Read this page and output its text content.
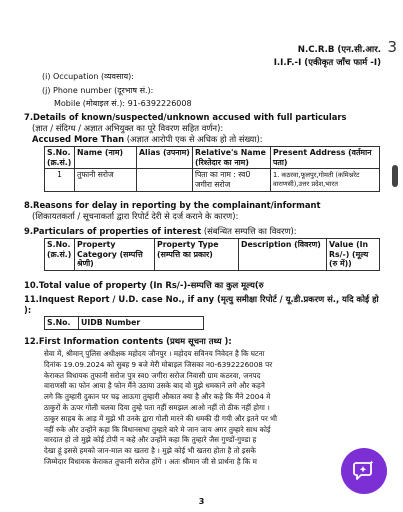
N.C.R.B (एन.सी.आर.
I.I.F.-I (एकीकृत जाँच फार्म -I)
3
(i) Occupation (व्यवसाय):
(j) Phone number (दूरभाष सं.):
Mobile (मोबाइल सं.): 91-6392226008
7.Details of known/suspected/unknown accused with full particulars
(ज्ञात / संदिग्ध / अज्ञात अभियुक्त का पूरे विवरण सहित वर्णन):
Accused More Than (अज्ञात आरोपी एक से अधिक हो तो संख्या):
S.No. (क्र.सं.)	Name (नाम)	Alias (उपनाम)	Relative's Name (रिश्तेदार का नाम)	Present Address (वर्तमान पता)
1	तुफानी सरोज		पिता का नाम : स्व0 जगीरा सरोज	1. कठरवा,फूलपुर,गोमती (कमिश्नरेट वाराणसी),उत्तर प्रदेश,भारत
8.Reasons for delay in reporting by the complainant/informant
(शिकायतकर्ता / सूचनाकर्ता द्वारा रिपोर्ट देरी से दर्ज कराने के कारण):
9.Particulars of properties of interest (संबन्धित सम्पत्ति का विवरण):
S.No. (क्र.सं.)	Property Category (सम्पत्ति श्रेणी)	Property Type (सम्पत्ति का प्रकार)	Description (विवरण)	Value (In Rs/-) (मूल्य (रु में))
10.Total value of property (In Rs/-)-सम्पत्ति का कुल मूल्य(रु
11.Inquest Report / U.D. case No., if any (मृत्यु समीक्षा रिपोर्ट / यू.डी.प्रकरण सं., यदि कोई हो ):
S.No.	UIDB Number
12.First Information contents (प्रथम सूचना तथ्य ):
सेवा में, श्रीमान् पुलिस अधीक्षक महोदय जौनपुर । महोदय सविनय निवेदन है कि घटना
दिनांक 19.09.2024 को सुबह 9 बजे मेरी मोबाइल जिसका न0-6392226008 पर
केराकत विधायक तुफानी सरोज पुत्र स्व0 जगीरा सरोज निवासी ग्राम कठरवा, जनपद
वाराणसी का फोन आया है फोन मैंने उठाया उसके बाद वो मुझे धमकाने लगे और कहने
लगे कि तुम्हारी दुकान पर चढ़ आऊगा तुम्हारी औकात क्या है और कहे कि मैंने 2004 मे
ठाकुरों के ऊपर गोली चलवा दिया तुम्हे पता नहीं समझल आओ नहीं तो ठीक नहीं होगा ।
ठाकुर साहब के आड़ में मुझे भी उनके द्वारा गोली मारने की धमकी दी गयी और इतने पर भी
नहीं रुके और उन्होंने कहा कि विधानसभा तुम्हारे बारे मे जान जाय अगर तुम्हारे साथ कोई
वारदात हो तो मुझे कोई टोपी न कहे और उन्होंने कहा कि तुम्हारे जैस गुण्डों-गुण्डा ह
देखा हूं इससे हमको जान-माल का खतरा है । मुझे कोई भी खतरा होता है तो इसके
जिम्मेदार विधायक केराकत तुफानी सरोज होंगे । अतः श्रीमान जी से प्रार्थना है कि म
3
